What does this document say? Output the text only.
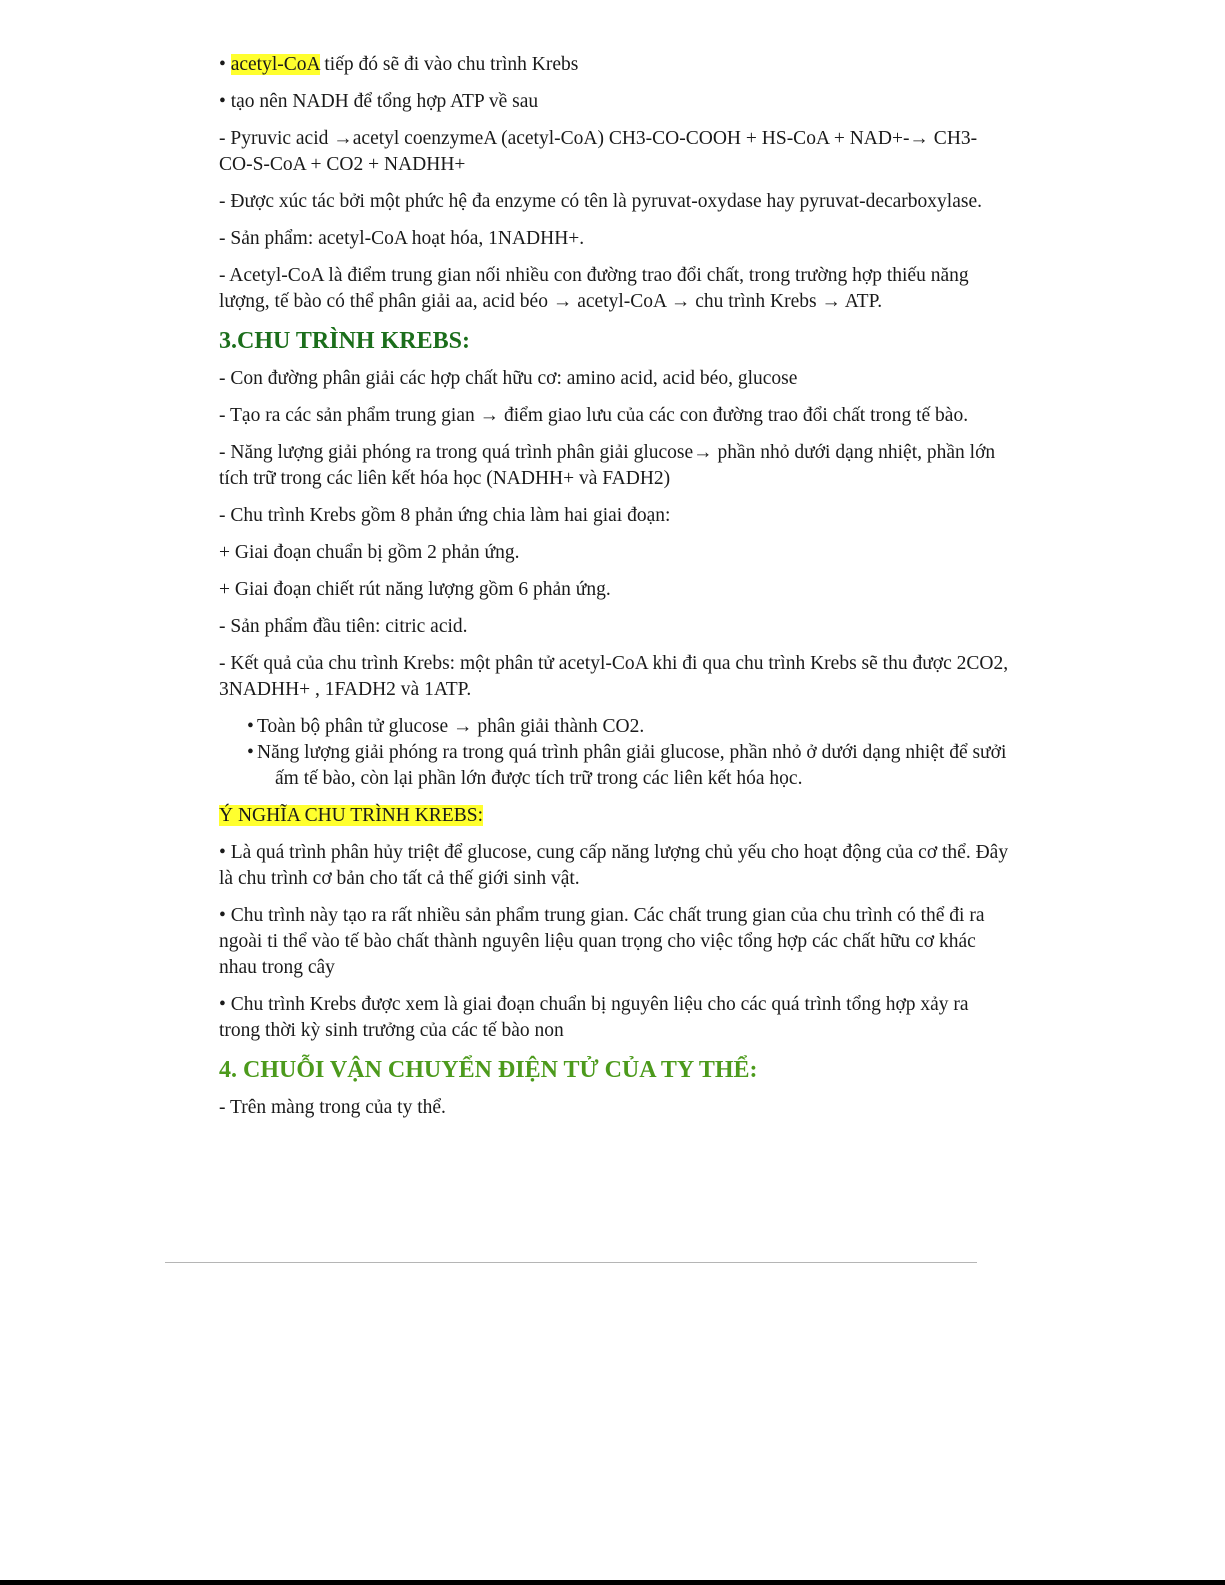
• acetyl-CoA tiếp đó sẽ đi vào chu trình Krebs

• tạo nên NADH để tổng hợp ATP về sau

- Pyruvic acid →acetyl coenzymeA (acetyl-CoA) CH3-CO-COOH + HS-CoA + NAD+-→ CH3-CO-S-CoA + CO2 + NADHH+

- Được xúc tác bởi một phức hệ đa enzyme có tên là pyruvat-oxydase hay pyruvat-decarboxylase.

- Sản phẩm: acetyl-CoA hoạt hóa, 1NADHH+.

- Acetyl-CoA là điểm trung gian nối nhiều con đường trao đổi chất, trong trường hợp thiếu năng lượng, tế bào có thể phân giải aa, acid béo → acetyl-CoA → chu trình Krebs → ATP.

3.CHU TRÌNH KREBS:

- Con đường phân giải các hợp chất hữu cơ: amino acid, acid béo, glucose

- Tạo ra các sản phẩm trung gian → điểm giao lưu của các con đường trao đổi chất trong tế bào.

- Năng lượng giải phóng ra trong quá trình phân giải glucose→ phần nhỏ dưới dạng nhiệt, phần lớn tích trữ trong các liên kết hóa học (NADHH+ và FADH2)

- Chu trình Krebs gồm 8 phản ứng chia làm hai giai đoạn:

+ Giai đoạn chuẩn bị gồm 2 phản ứng.

+ Giai đoạn chiết rút năng lượng gồm 6 phản ứng.

- Sản phẩm đầu tiên: citric acid.

- Kết quả của chu trình Krebs: một phân tử acetyl-CoA khi đi qua chu trình Krebs sẽ thu được 2CO2, 3NADHH+ , 1FADH2 và 1ATP.

• Toàn bộ phân tử glucose → phân giải thành CO2.
• Năng lượng giải phóng ra trong quá trình phân giải glucose, phần nhỏ ở dưới dạng nhiệt để sưởi ấm tế bào, còn lại phần lớn được tích trữ trong các liên kết hóa học.

Ý NGHĨA CHU TRÌNH KREBS:

• Là quá trình phân hủy triệt để glucose, cung cấp năng lượng chủ yếu cho hoạt động của cơ thể. Đây là chu trình cơ bản cho tất cả thế giới sinh vật.

• Chu trình này tạo ra rất nhiều sản phẩm trung gian. Các chất trung gian của chu trình có thể đi ra ngoài ti thể vào tế bào chất thành nguyên liệu quan trọng cho việc tổng hợp các chất hữu cơ khác nhau trong cây

• Chu trình Krebs được xem là giai đoạn chuẩn bị nguyên liệu cho các quá trình tổng hợp xảy ra trong thời kỳ sinh trưởng của các tế bào non

4. CHUỖI VẬN CHUYỂN ĐIỆN TỬ CỦA TY THỂ:

- Trên màng trong của ty thể.
